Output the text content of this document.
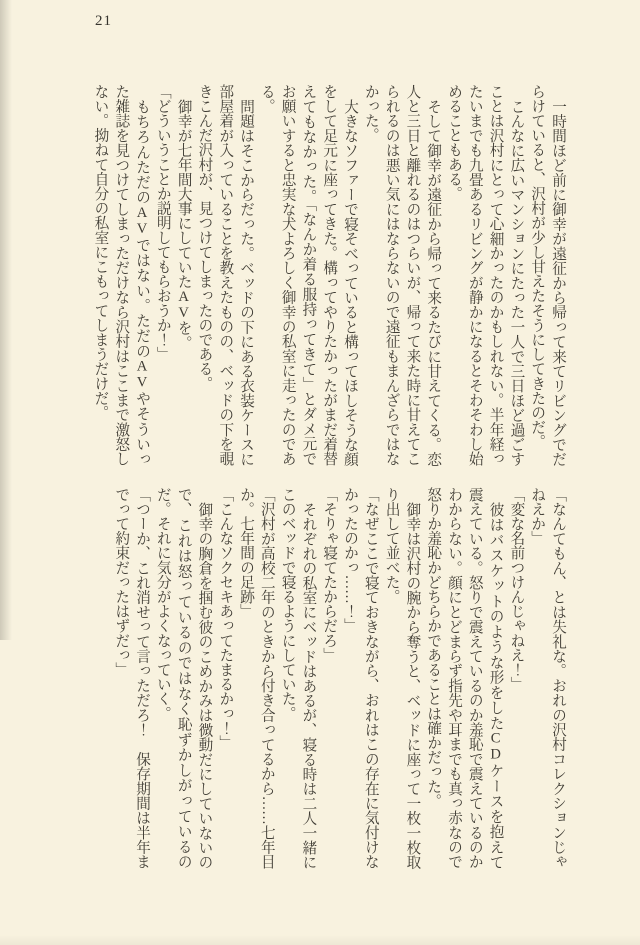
21

一時間ほど前に御幸が遠征から帰って来てリビングでだらけていると、沢村が少し甘えたそうにしてきたのだ。

こんなに広いマンションにたった一人で三日ほど過ごすことは沢村にとって心細かったのかもしれない。半年経ったいまでも九畳あるリビングが静かになるとそわそわし始めることもある。

そして御幸が遠征から帰って来るたびに甘えてくる。恋人と三日と離れるのはつらいが、帰って来た時に甘えてこられるのは悪い気にはならないので遠征もまんざらではなかった。

大きなソファーで寝そべっていると構ってほしそうな顔をして足元に座ってきた。構ってやりたかったがまだ着替えてもなかった。「なんか着る服持ってきて」とダメ元でお願いすると忠実な犬よろしく御幸の私室に走ったのである。

問題はそこからだった。ベッドの下にある衣装ケースに部屋着が入っていることを教えたものの、ベッドの下を覗きこんだ沢村が、見つけてしまったのである。

御幸が七年間大事にしていたAVを。

「どういうことか説明してもらおうか！」

もちろんただのAVではない。ただのAVやそういった雑誌を見つけてしまっただけなら沢村はここまで激怒しない。拗ねて自分の私室にこもってしまうだけだ。

「なんてもん、とは失礼な。おれの沢村コレクションじゃねえか」

「変な名前つけんじゃねえ！」

彼はバスケットのような形をしたCDケースを抱えて震えている。怒りで震えているのか羞恥で震えているのかわからない。顔にとどまらず指先や耳までも真っ赤なので怒りか羞恥かどちらかであることは確かだった。

御幸は沢村の腕から奪うと、ベッドに座って一枚一枚取り出して並べた。

「なぜここで寝ておきながら、おれはこの存在に気付けなかったのかっ……！」

「そりゃ寝てたからだろ」

それぞれの私室にベッドはあるが、寝る時は二人一緒にこのベッドで寝るようにしていた。

「沢村が高校二年のときから付き合ってるから……七年目か。七年間の足跡」

「こんなソクセキあってたまるかっ！」

御幸の胸倉を掴む彼のこめかみは微動だにしていないので、これは怒っているのではなく恥ずかしがっているのだ。それに気分がよくなっていく。

「つーか、これ消せって言っただろ！　保存期間は半年までって約束だったはずだっ」
